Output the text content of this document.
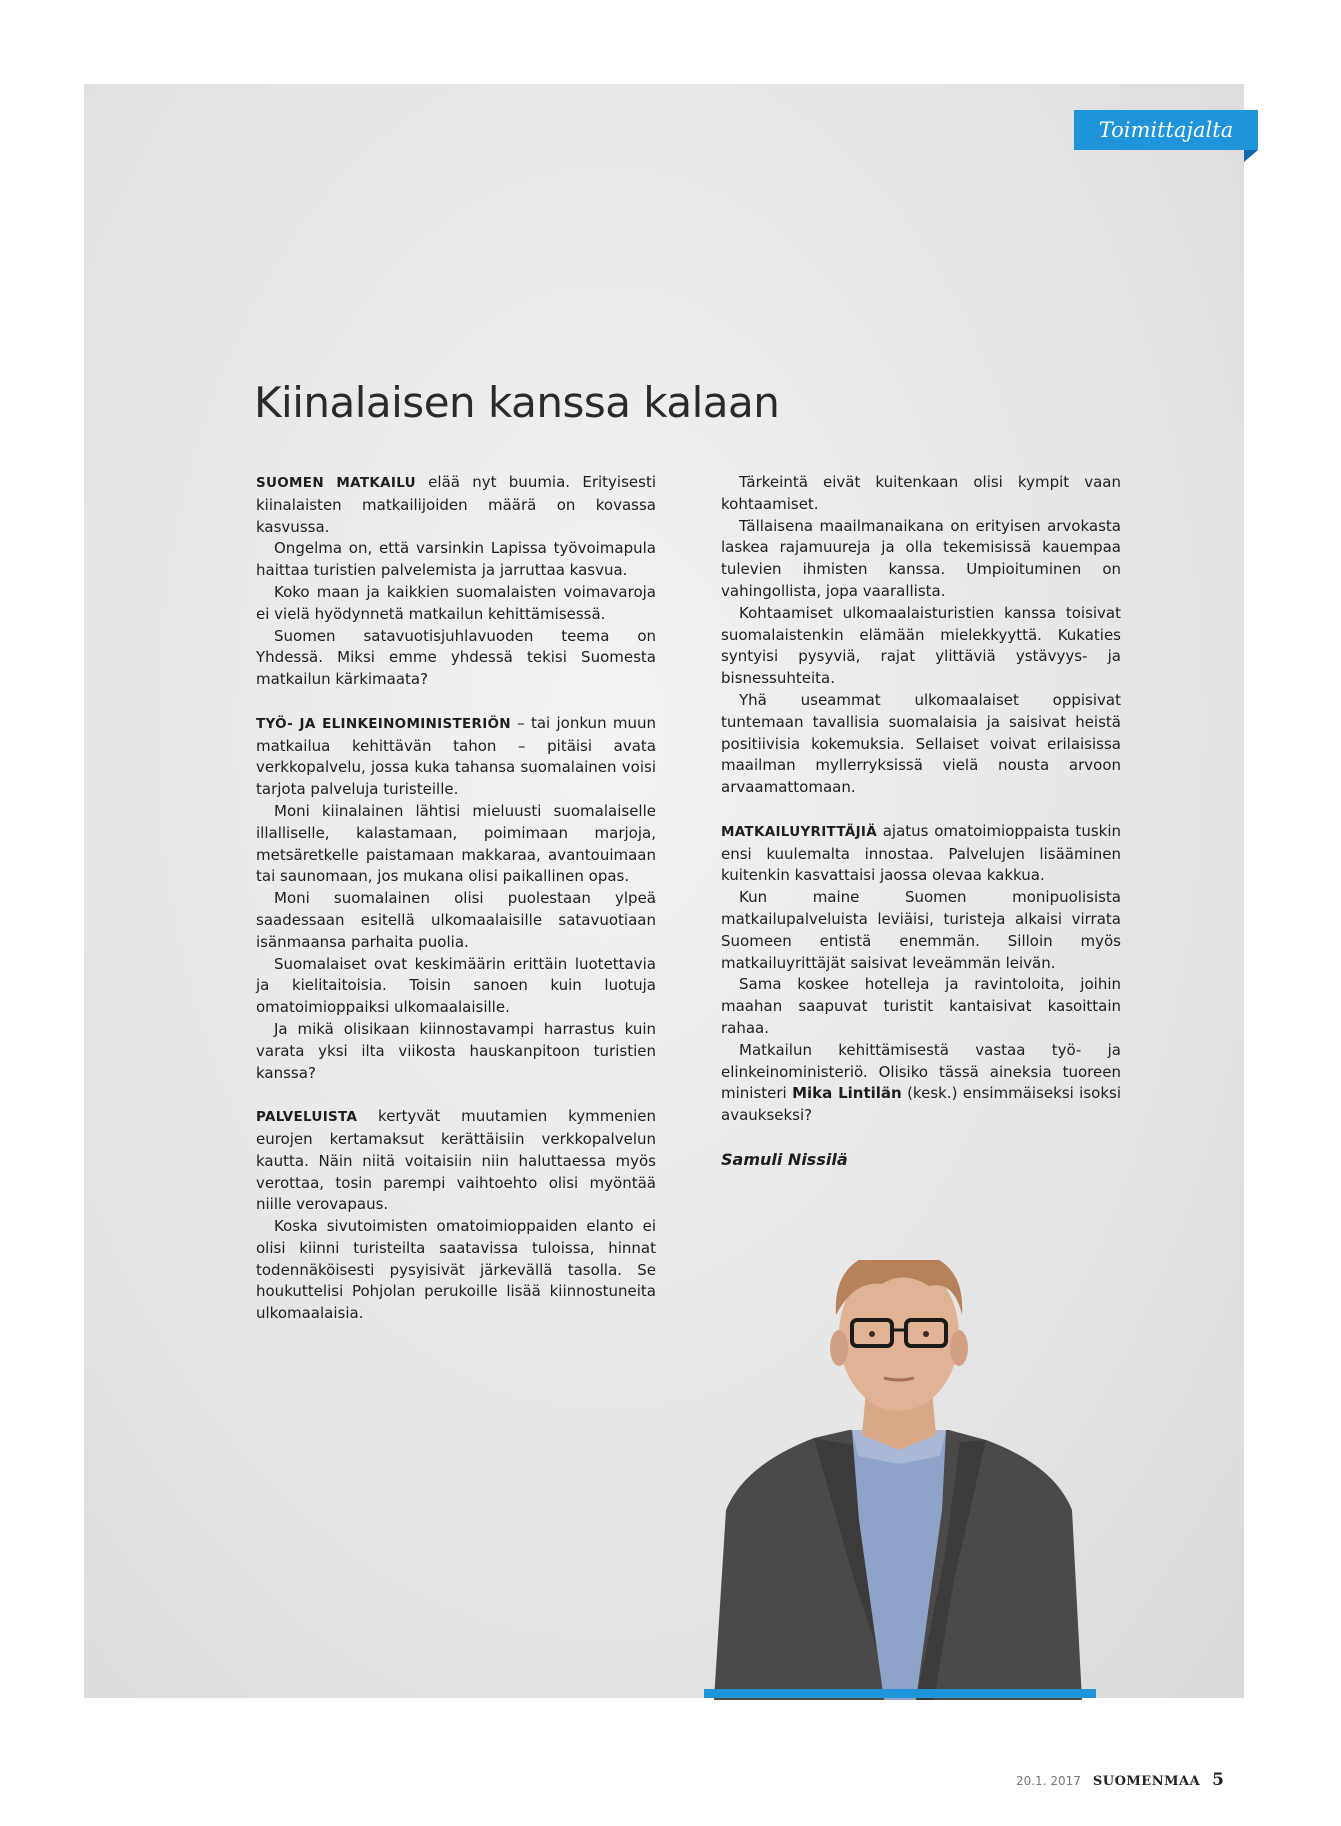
Toimittajalta
Kiinalaisen kanssa kalaan

SUOMEN MATKAILU elää nyt buumia. Erityisesti kiinalaisten matkailijoiden määrä on kovassa kasvussa.

Ongelma on, että varsinkin Lapissa työvoimapula haittaa turistien palvelemista ja jarruttaa kasvua.

Koko maan ja kaikkien suomalaisten voimavaroja ei vielä hyödynnetä matkailun kehittämisessä.

Suomen satavuotisjuhlavuoden teema on Yhdessä. Miksi emme yhdessä tekisi Suomesta matkailun kärkimaata?

TYÖ- JA ELINKEINOMINISTERIÖN – tai jonkun muun matkailua kehittävän tahon – pitäisi avata verkkopalvelu, jossa kuka tahansa suomalainen voisi tarjota palveluja turisteille.

Moni kiinalainen lähtisi mieluusti suomalaiselle illalliselle, kalastamaan, poimimaan marjoja, metsäretkelle paistamaan makkaraa, avantouimaan tai saunomaan, jos mukana olisi paikallinen opas.

Moni suomalainen olisi puolestaan ylpeä saadessaan esitellä ulkomaalaisille satavuotiaan isänmaansa parhaita puolia.

Suomalaiset ovat keskimäärin erittäin luotettavia ja kielitaitoisia. Toisin sanoen kuin luotuja omatoimioppaiksi ulkomaalaisille.

Ja mikä olisikaan kiinnostavampi harrastus kuin varata yksi ilta viikosta hauskanpitoon turistien kanssa?

PALVELUISTA kertyvät muutamien kymmenien eurojen kertamaksut kerättäisiin verkkopalvelun kautta. Näin niitä voitaisiin niin haluttaessa myös verottaa, tosin parempi vaihtoehto olisi myöntää niille verovapaus.

Koska sivutoimisten omatoimioppaiden elanto ei olisi kiinni turisteilta saatavissa tuloissa, hinnat todennäköisesti pysyisivät järkevällä tasolla. Se houkuttelisi Pohjolan perukoille lisää kiinnostuneita ulkomaalaisia.

Tärkeintä eivät kuitenkaan olisi kympit vaan kohtaamiset.

Tällaisena maailmanaikana on erityisen arvokasta laskea rajamuureja ja olla tekemisissä kauempaa tulevien ihmisten kanssa. Umpioituminen on vahingollista, jopa vaarallista.

Kohtaamiset ulkomaalaisturistien kanssa toisivat suomalaistenkin elämään mielekkyyttä. Kukaties syntyisi pysyviä, rajat ylittäviä ystävyys- ja bisnessuhteita.

Yhä useammat ulkomaalaiset oppisivat tuntemaan tavallisia suomalaisia ja saisivat heistä positiivisia kokemuksia. Sellaiset voivat erilaisissa maailman myllerryksissä vielä nousta arvoon arvaamattomaan.

MATKAILUYRITTÄJIÄ ajatus omatoimioppaista tuskin ensi kuulemalta innostaa. Palvelujen lisääminen kuitenkin kasvattaisi jaossa olevaa kakkua.

Kun maine Suomen monipuolisista matkailupalveluista leviäisi, turisteja alkaisi virrata Suomeen entistä enemmän. Silloin myös matkailuyrittäjät saisivat leveämmän leivän.

Sama koskee hotelleja ja ravintoloita, joihin maahan saapuvat turistit kantaisivat kasoittain rahaa.

Matkailun kehittämisestä vastaa työ- ja elinkeinoministeriö. Olisiko tässä aineksia tuoreen ministeri Mika Lintilän (kesk.) ensimmäiseksi isoksi avaukseksi?

Samuli Nissilä
20.1. 2017 SUOMENMAA 5
